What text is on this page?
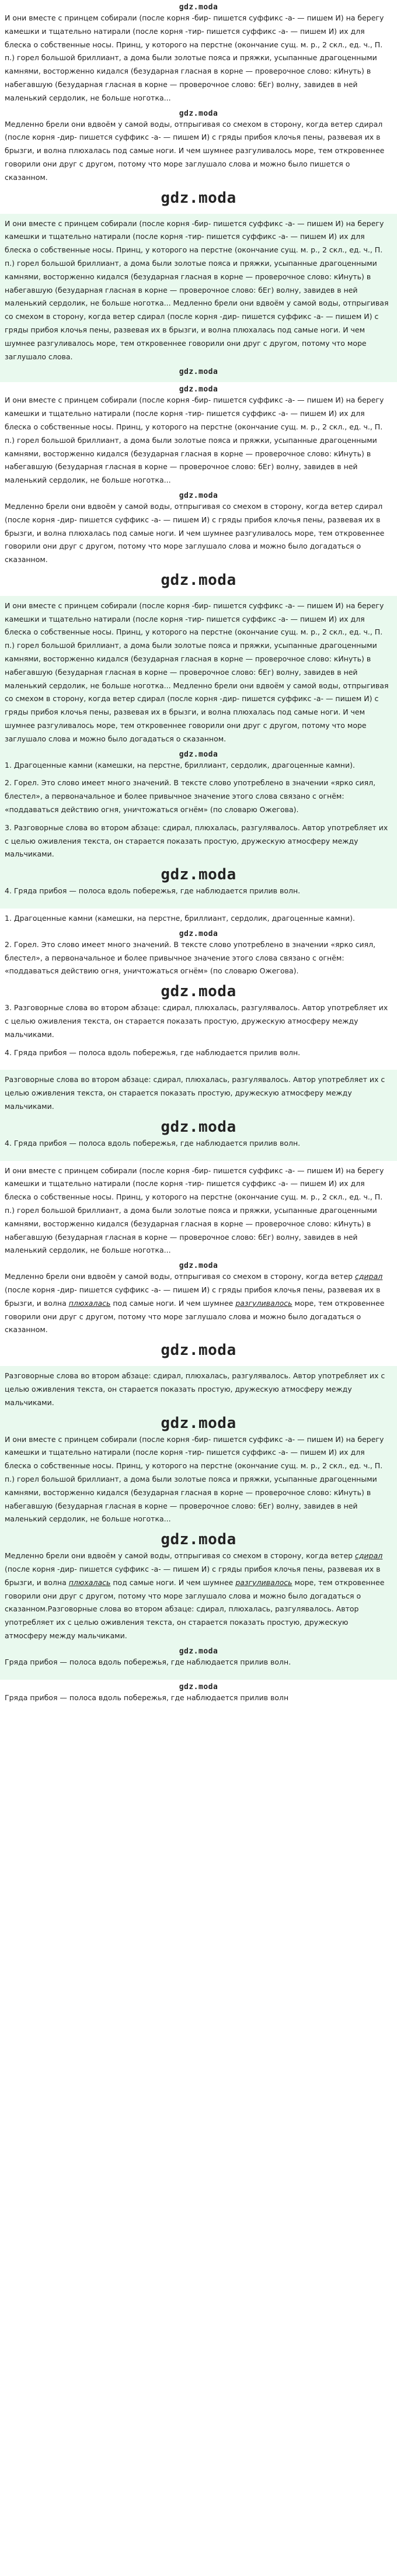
gdz.moda

И они вместе с принцем собирали (после корня -бир- пишется суффикс -а- — пишем И) на берегу камешки и тщательно натирали (после корня -тир- пишется суффикс -а- — пишем И) их для блеска о собственные носы. Принц, у которого на перстне (окончание сущ. м. р., 2 скл., ед. ч., П. п.) горел большой бриллиант, а дома были золотые пояса и пряжки, усыпанные драгоценными камнями, восторженно кидался (безударная гласная в корне — проверочное слово: кИнуть) в набегавшую (безударная гласная в корне — проверочное слово: бЕг) волну, завидев в ней маленький сердолик, не больше ноготка...

gdz.moda

Медленно брели они вдвоём у самой воды, отпрыгивая со смехом в сторону, когда ветер сдирал (после корня -дир- пишется суффикс -а- — пишем И) с гряды прибоя клочья пены, развевая их в брызги, и волна плюхалась под самые ноги. И чем шумнее разгуливалось море, тем откровеннее говорили они друг с другом, потому что море заглушало слова и можно было пишется о сказанном.

gdz.moda

И они вместе с принцем собирали (после корня -бир- пишется суффикс -а- — пишем И) на берегу камешки и тщательно натирали (после корня -тир- пишется суффикс -а- — пишем И) их для блеска о собственные носы. Принц, у которого на перстне (окончание сущ. м. р., 2 скл., ед. ч., П. п.) горел большой бриллиант, а дома были золотые пояса и пряжки, усыпанные драгоценными камнями, восторженно кидался (безударная гласная в корне — проверочное слово: кИнуть) в набегавшую (безударная гласная в корне — проверочное слово: бЕг) волну, завидев в ней маленький сердолик, не больше ноготка... Медленно брели они вдвоём у самой воды, отпрыгивая со смехом в сторону, когда ветер сдирал (после корня -дир- пишется суффикс -а- — пишем И) с гряды прибоя клочья пены, развевая их в брызги, и волна плюхалась под самые ноги. И чем шумнее разгуливалось море, тем откровеннее говорили они друг с другом, потому что море заглушало слова.

gdz.moda
gdz.moda

И они вместе с принцем собирали (после корня -бир- пишется суффикс -а- — пишем И) на берегу камешки и тщательно натирали (после корня -тир- пишется суффикс -а- — пишем И) их для блеска о собственные носы. Принц, у которого на перстне (окончание сущ. м. р., 2 скл., ед. ч., П. п.) горел большой бриллиант, а дома были золотые пояса и пряжки, усыпанные драгоценными камнями, восторженно кидался (безударная гласная в корне — проверочное слово: кИнуть) в набегавшую (безударная гласная в корне — проверочное слово: бЕг) волну, завидев в ней маленький сердолик, не больше ноготка...

gdz.moda

Медленно брели они вдвоём у самой воды, отпрыгивая со смехом в сторону, когда ветер сдирал (после корня -дир- пишется суффикс -а- — пишем И) с гряды прибоя клочья пены, развевая их в брызги, и волна плюхалась под самые ноги. И чем шумнее разгуливалось море, тем откровеннее говорили они друг с другом, потому что море заглушало слова и можно было догадаться о сказанном.

gdz.moda

И они вместе с принцем собирали (после корня -бир- пишется суффикс -а- — пишем И) на берегу камешки и тщательно натирали (после корня -тир- пишется суффикс -а- — пишем И) их для блеска о собственные носы. Принц, у которого на перстне (окончание сущ. м. р., 2 скл., ед. ч., П. п.) горел большой бриллиант, а дома были золотые пояса и пряжки, усыпанные драгоценными камнями, восторженно кидался (безударная гласная в корне — проверочное слово: кИнуть) в набегавшую (безударная гласная в корне — проверочное слово: бЕг) волну, завидев в ней маленький сердолик, не больше ноготка... Медленно брели они вдвоём у самой воды, отпрыгивая со смехом в сторону, когда ветер сдирал (после корня -дир- пишется суффикс -а- — пишем И) с гряды прибоя клочья пены, развевая их в брызги, и волна плюхалась под самые ноги. И чем шумнее разгуливалось море, тем откровеннее говорили они друг с другом, потому что море заглушало слова и можно было догадаться о сказанном.

gdz.moda

1. Драгоценные камни (камешки, на перстне, бриллиант, сердолик, драгоценные камни).

2. Горел. Это слово имеет много значений. В тексте слово употреблено в значении «ярко сиял, блестел», а первоначальное и более привычное значение этого слова связано с огнём: «поддаваться действию огня, уничтожаться огнём» (по словарю Ожегова).

3. Разговорные слова во втором абзаце: сдирал, плюхалась, разгулявалось. Автор употребляет их с целью оживления текста, он старается показать простую, дружескую атмосферу между мальчиками.

gdz.moda

4. Гряда прибоя — полоса вдоль побережья, где наблюдается прилив волн.

1. Драгоценные камни (камешки, на перстне, бриллиант, сердолик, драгоценные камни).

gdz.moda

2. Горел. Это слово имеет много значений. В тексте слово употреблено в значении «ярко сиял, блестел», а первоначальное и более привычное значение этого слова связано с огнём: «поддаваться действию огня, уничтожаться огнём» (по словарю Ожегова).

gdz.moda

3. Разговорные слова во втором абзаце: сдирал, плюхалась, разгулявалось. Автор употребляет их с целью оживления текста, он старается показать простую, дружескую атмосферу между мальчиками.

4. Гряда прибоя — полоса вдоль побережья, где наблюдается прилив волн.

Разговорные слова во втором абзаце: сдирал, плюхалась, разгулявалось. Автор употребляет их с целью оживления текста, он старается показать простую, дружескую атмосферу между мальчиками.

gdz.moda

4. Гряда прибоя — полоса вдоль побережья, где наблюдается прилив волн.

И они вместе с принцем собирали (после корня -бир- пишется суффикс -а- — пишем И) на берегу камешки и тщательно натирали (после корня -тир- пишется суффикс -а- — пишем И) их для блеска о собственные носы. Принц, у которого на перстне (окончание сущ. м. р., 2 скл., ед. ч., П. п.) горел большой бриллиант, а дома были золотые пояса и пряжки, усыпанные драгоценными камнями, восторженно кидался (безударная гласная в корне — проверочное слово: кИнуть) в набегавшую (безударная гласная в корне — проверочное слово: бЕг) волну, завидев в ней маленький сердолик, не больше ноготка...

gdz.moda

Медленно брели они вдвоём у самой воды, отпрыгивая со смехом в сторону, когда ветер сдирал (после корня -дир- пишется суффикс -а- — пишем И) с гряды прибоя клочья пены, развевая их в брызги, и волна плюхалась под самые ноги. И чем шумнее разгуливалось море, тем откровеннее говорили они друг с другом, потому что море заглушало слова и можно было догадаться о сказанном.

gdz.moda

Разговорные слова во втором абзаце: сдирал, плюхалась, разгулявалось. Автор употребляет их с целью оживления текста, он старается показать простую, дружескую атмосферу между мальчиками.

gdz.moda

И они вместе с принцем собирали (после корня -бир- пишется суффикс -а- — пишем И) на берегу камешки и тщательно натирали (после корня -тир- пишется суффикс -а- — пишем И) их для блеска о собственные носы. Принц, у которого на перстне (окончание сущ. м. р., 2 скл., ед. ч., П. п.) горел большой бриллиант, а дома были золотые пояса и пряжки, усыпанные драгоценными камнями, восторженно кидался (безударная гласная в корне — проверочное слово: кИнуть) в набегавшую (безударная гласная в корне — проверочное слово: бЕг) волну, завидев в ней маленький сердолик, не больше ноготка...

gdz.moda

Медленно брели они вдвоём у самой воды, отпрыгивая со смехом в сторону, когда ветер сдирал (после корня -дир- пишется суффикс -а- — пишем И) с гряды прибоя клочья пены, развевая их в брызги, и волна плюхалась под самые ноги. И чем шумнее разгуливалось море, тем откровеннее говорили они друг с другом, потому что море заглушало слова и можно было догадаться о сказанном.Разговорные слова во втором абзаце: сдирал, плюхалась, разгулявалось. Автор употребляет их с целью оживления текста, он старается показать простую, дружескую атмосферу между мальчиками.

gdz.moda

Гряда прибоя — полоса вдоль побережья, где наблюдается прилив волн.

gdz.moda

Гряда прибоя — полоса вдоль побережья, где наблюдается прилив волн
